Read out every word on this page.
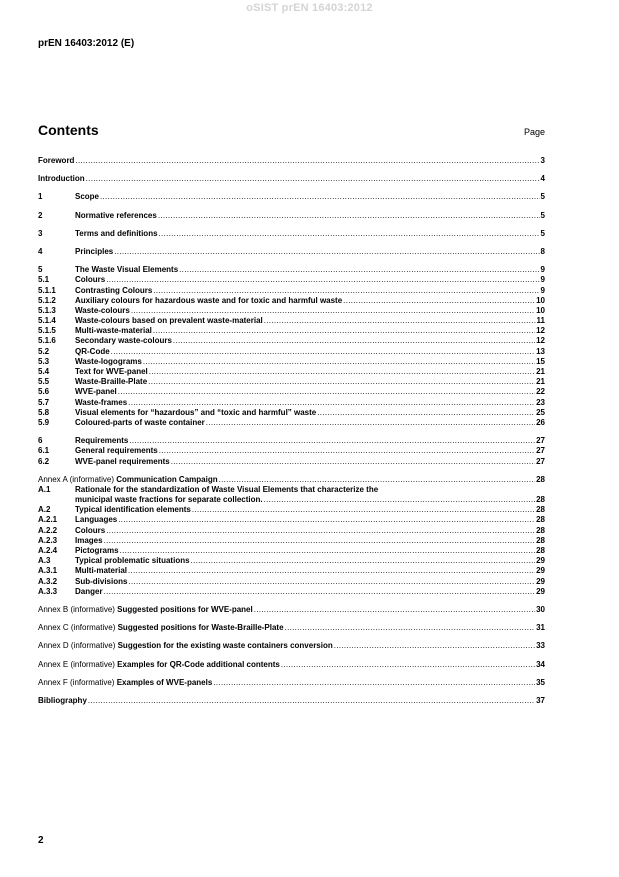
oSIST prEN 16403:2012
prEN 16403:2012 (E)
Contents	Page
Foreword .....	3
Introduction .....	4
1	Scope .....	5
2	Normative references .....	5
3	Terms and definitions .....	5
4	Principles .....	8
5	The Waste Visual Elements .....	9
5.1	Colours .....	9
5.1.1	Contrasting Colours .....	9
5.1.2	Auxiliary colours for hazardous waste and for toxic and harmful waste .....	10
5.1.3	Waste-colours .....	10
5.1.4	Waste-colours based on prevalent waste-material .....	11
5.1.5	Multi-waste-material .....	12
5.1.6	Secondary waste-colours .....	12
5.2	QR-Code .....	13
5.3	Waste-logograms .....	15
5.4	Text for WVE-panel .....	21
5.5	Waste-Braille-Plate .....	21
5.6	WVE-panel .....	22
5.7	Waste-frames .....	23
5.8	Visual elements for “hazardous” and “toxic and harmful” waste .....	25
5.9	Coloured-parts of waste container .....	26
6	Requirements .....	27
6.1	General requirements .....	27
6.2	WVE-panel requirements .....	27
Annex A (informative) Communication Campaign .....	28
A.1	Rationale for the standardization of Waste Visual Elements that characterize the
municipal waste fractions for separate collection. .....	28
A.2	Typical identification elements .....	28
A.2.1	Languages .....	28
A.2.2	Colours .....	28
A.2.3	Images .....	28
A.2.4	Pictograms .....	28
A.3	Typical problematic situations .....	29
A.3.1	Multi-material .....	29
A.3.2	Sub-divisions .....	29
A.3.3	Danger .....	29
Annex B (informative) Suggested positions for WVE-panel .....	30
Annex C (informative) Suggested positions for Waste-Braille-Plate .....	31
Annex D (informative) Suggestion for the existing waste containers conversion .....	33
Annex E (informative) Examples for QR-Code additional contents .....	34
Annex F (informative) Examples of WVE-panels .....	35
Bibliography .....	37
2
